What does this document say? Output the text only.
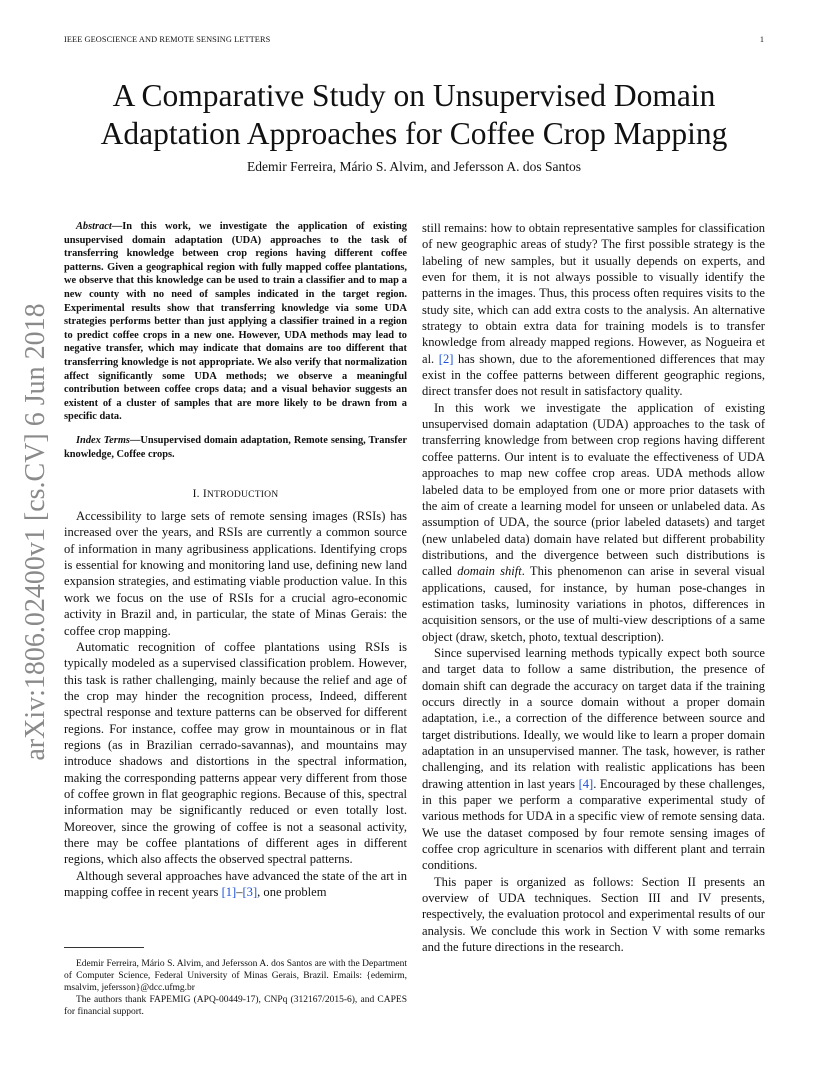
IEEE GEOSCIENCE AND REMOTE SENSING LETTERS	1
arXiv:1806.02400v1 [cs.CV] 6 Jun 2018
A Comparative Study on Unsupervised Domain
Adaptation Approaches for Coffee Crop Mapping
Edemir Ferreira, Mário S. Alvim, and Jefersson A. dos Santos

Abstract—In this work, we investigate the application of existing unsupervised domain adaptation (UDA) approaches to the task of transferring knowledge between crop regions having different coffee patterns. Given a geographical region with fully mapped coffee plantations, we observe that this knowledge can be used to train a classifier and to map a new county with no need of samples indicated in the target region. Experimental results show that transferring knowledge via some UDA strategies performs better than just applying a classifier trained in a region to predict coffee crops in a new one. However, UDA methods may lead to negative transfer, which may indicate that domains are too different that transferring knowledge is not appropriate. We also verify that normalization affect significantly some UDA methods; we observe a meaningful contribution between coffee crops data; and a visual behavior suggests an existent of a cluster of samples that are more likely to be drawn from a specific data.

Index Terms—Unsupervised domain adaptation, Remote sensing, Transfer knowledge, Coffee crops.

I. INTRODUCTION

Accessibility to large sets of remote sensing images (RSIs) has increased over the years, and RSIs are currently a common source of information in many agribusiness applications. Identifying crops is essential for knowing and monitoring land use, defining new land expansion strategies, and estimating viable production value. In this work we focus on the use of RSIs for a crucial agro-economic activity in Brazil and, in particular, the state of Minas Gerais: the coffee crop mapping.

Automatic recognition of coffee plantations using RSIs is typically modeled as a supervised classification problem. However, this task is rather challenging, mainly because the relief and age of the crop may hinder the recognition process, Indeed, different spectral response and texture patterns can be observed for different regions. For instance, coffee may grow in mountainous or in flat regions (as in Brazilian cerrado-savannas), and mountains may introduce shadows and distortions in the spectral information, making the corresponding patterns appear very different from those of coffee grown in flat geographic regions. Because of this, spectral information may be significantly reduced or even totally lost. Moreover, since the growing of coffee is not a seasonal activity, there may be coffee plantations of different ages in different regions, which also affects the observed spectral patterns.

Although several approaches have advanced the state of the art in mapping coffee in recent years [1]–[3], one problem

Edemir Ferreira, Mário S. Alvim, and Jefersson A. dos Santos are with the Department of Computer Science, Federal University of Minas Gerais, Brazil. Emails: {edemirm, msalvim, jefersson}@dcc.ufmg.br

The authors thank FAPEMIG (APQ-00449-17), CNPq (312167/2015-6), and CAPES for financial support.

still remains: how to obtain representative samples for classification of new geographic areas of study? The first possible strategy is the labeling of new samples, but it usually depends on experts, and even for them, it is not always possible to visually identify the patterns in the images. Thus, this process often requires visits to the study site, which can add extra costs to the analysis. An alternative strategy to obtain extra data for training models is to transfer knowledge from already mapped regions. However, as Nogueira et al. [2] has shown, due to the aforementioned differences that may exist in the coffee patterns between different geographic regions, direct transfer does not result in satisfactory quality.

In this work we investigate the application of existing unsupervised domain adaptation (UDA) approaches to the task of transferring knowledge from between crop regions having different coffee patterns. Our intent is to evaluate the effectiveness of UDA approaches to map new coffee crop areas. UDA methods allow labeled data to be employed from one or more prior datasets with the aim of create a learning model for unseen or unlabeled data. As assumption of UDA, the source (prior labeled datasets) and target (new unlabeled data) domain have related but different probability distributions, and the divergence between such distributions is called domain shift. This phenomenon can arise in several visual applications, caused, for instance, by human pose-changes in estimation tasks, luminosity variations in photos, differences in acquisition sensors, or the use of multi-view descriptions of a same object (draw, sketch, photo, textual description).

Since supervised learning methods typically expect both source and target data to follow a same distribution, the presence of domain shift can degrade the accuracy on target data if the training occurs directly in a source domain without a proper domain adaptation, i.e., a correction of the difference between source and target distributions. Ideally, we would like to learn a proper domain adaptation in an unsupervised manner. The task, however, is rather challenging, and its relation with realistic applications has been drawing attention in last years [4]. Encouraged by these challenges, in this paper we perform a comparative experimental study of various methods for UDA in a specific view of remote sensing data. We use the dataset composed by four remote sensing images of coffee crop agriculture in scenarios with different plant and terrain conditions.

This paper is organized as follows: Section II presents an overview of UDA techniques. Section III and IV presents, respectively, the evaluation protocol and experimental results of our analysis. We conclude this work in Section V with some remarks and the future directions in the research.
